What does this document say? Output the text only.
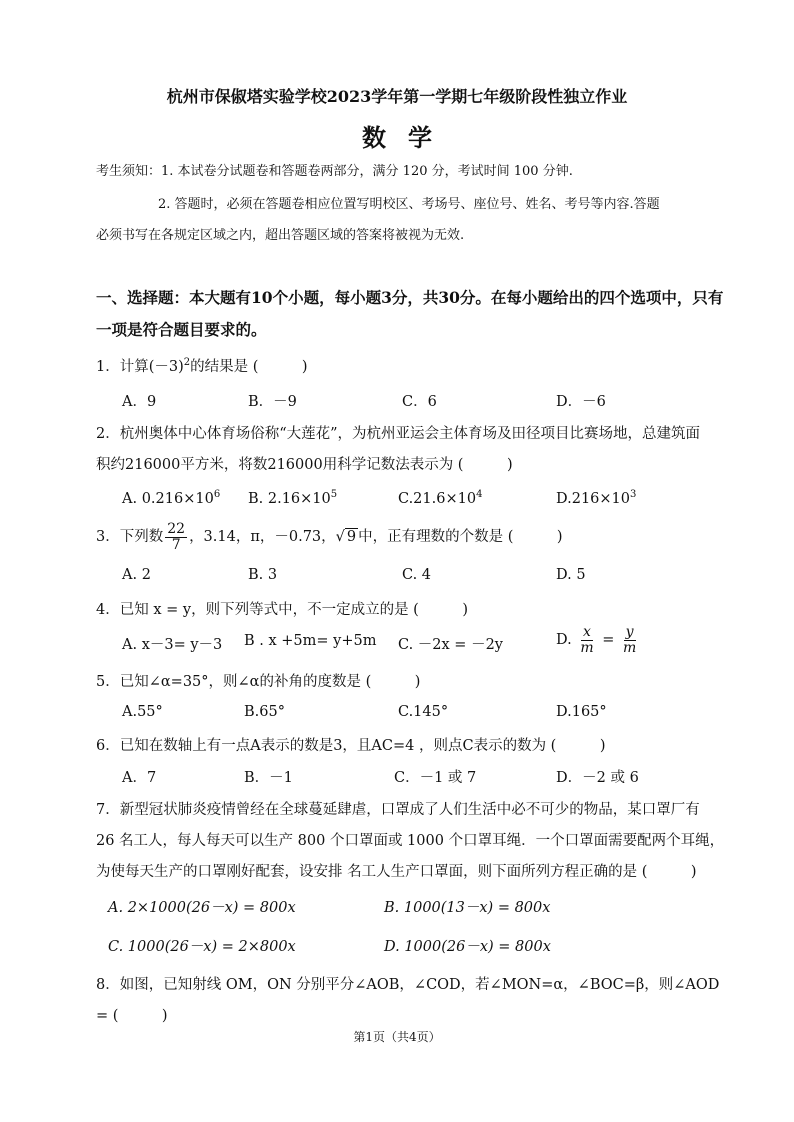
杭州市保俶塔实验学校2023学年第一学期七年级阶段性独立作业
数学
考生须知：1. 本试卷分试题卷和答题卷两部分，满分 120 分，考试时间 100 分钟.
2. 答题时，必须在答题卷相应位置写明校区、考场号、座位号、姓名、考号等内容.答题
必须书写在各规定区域之内，超出答题区域的答案将被视为无效.
一、选择题：本大题有10个小题，每小题3分，共30分。在每小题给出的四个选项中，只有
一项是符合题目要求的。
1．计算$(-3)^2$的结果是 (　　　)
A．9	B．－9	C．6	D．－6
2．杭州奥体中心体育场俗称“大莲花”，为杭州亚运会主体育场及田径项目比赛场地，总建筑面
积约216000平方米，将数216000用科学记数法表示为 (　　　)
A. $0.216\times 10^6$ B. $2.16\times 10^5$	$C.21.6\times 10^4$	$D.216\times 10^3$
3．下列数 $\frac{22}{7}$ ，3.14，π，－0.73，√ 9 中，正有理数的个数是 (　　　)
A. 2	B. 3	C. 4	D. 5
4．已知 x = y，则下列等式中，不一定成立的是 (　　　)
A. x－3= y－3 B . x +5m= y+5m C. －2x = －2y	D. $\frac{x}{m} = \frac{y}{m}$
5．已知∠α=35°，则∠α的补角的度数是 (　　　)
A.55°	B.65°	C.145°	D.165°
6．已知在数轴上有一点A表示的数是3，且AC=4 ，则点C表示的数为 (　　　)
A．7	B．－1	C．－1 或 7	D．－2 或 6
7．新型冠状肺炎疫情曾经在全球蔓延肆虐，口罩成了人们生活中必不可少的物品，某口罩厂有
26 名工人，每人每天可以生产 800 个口罩面或 1000 个口罩耳绳．一个口罩面需要配两个耳绳，
为使每天生产的口罩刚好配套，设安排 名工人生产口罩面，则下面所列方程正确的是 (　　　)
A. 2×1000(26－x) = 800x	B. 1000(13－x) = 800x
C. 1000(26－x) = 2×800x	D. 1000(26－x) = 800x
8．如图，已知射线 OM，ON 分别平分∠AOB，∠COD，若∠MON=α，∠BOC=β，则∠AOD
= (　　　)
第1页（共4页）
